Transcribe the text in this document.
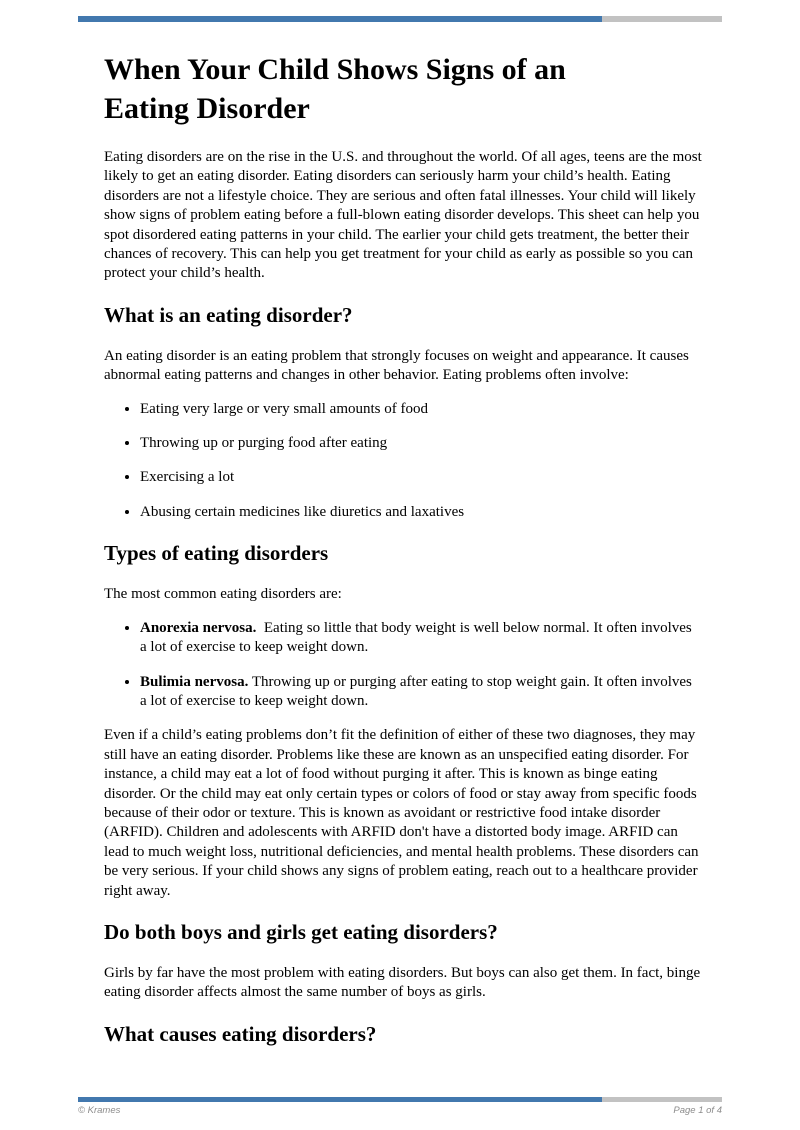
When Your Child Shows Signs of an Eating Disorder

Eating disorders are on the rise in the U.S. and throughout the world. Of all ages, teens are the most likely to get an eating disorder. Eating disorders can seriously harm your child’s health. Eating disorders are not a lifestyle choice. They are serious and often fatal illnesses. Your child will likely show signs of problem eating before a full-blown eating disorder develops. This sheet can help you spot disordered eating patterns in your child. The earlier your child gets treatment, the better their chances of recovery. This can help you get treatment for your child as early as possible so you can protect your child’s health.

What is an eating disorder?

An eating disorder is an eating problem that strongly focuses on weight and appearance. It causes abnormal eating patterns and changes in other behavior. Eating problems often involve:

• Eating very large or very small amounts of food
• Throwing up or purging food after eating
• Exercising a lot
• Abusing certain medicines like diuretics and laxatives
Types of eating disorders

The most common eating disorders are:

• Anorexia nervosa.  Eating so little that body weight is well below normal. It often involves a lot of exercise to keep weight down.
• Bulimia nervosa. Throwing up or purging after eating to stop weight gain. It often involves a lot of exercise to keep weight down.

Even if a child’s eating problems don’t fit the definition of either of these two diagnoses, they may still have an eating disorder. Problems like these are known as an unspecified eating disorder. For instance, a child may eat a lot of food without purging it after. This is known as binge eating disorder. Or the child may eat only certain types or colors of food or stay away from specific foods because of their odor or texture. This is known as avoidant or restrictive food intake disorder (ARFID). Children and adolescents with ARFID don't have a distorted body image. ARFID can lead to much weight loss, nutritional deficiencies, and mental health problems. These disorders can be very serious. If your child shows any signs of problem eating, reach out to a healthcare provider right away.

Do both boys and girls get eating disorders?

Girls by far have the most problem with eating disorders. But boys can also get them. In fact, binge eating disorder affects almost the same number of boys as girls.

What causes eating disorders?
© Krames	Page 1 of 4
